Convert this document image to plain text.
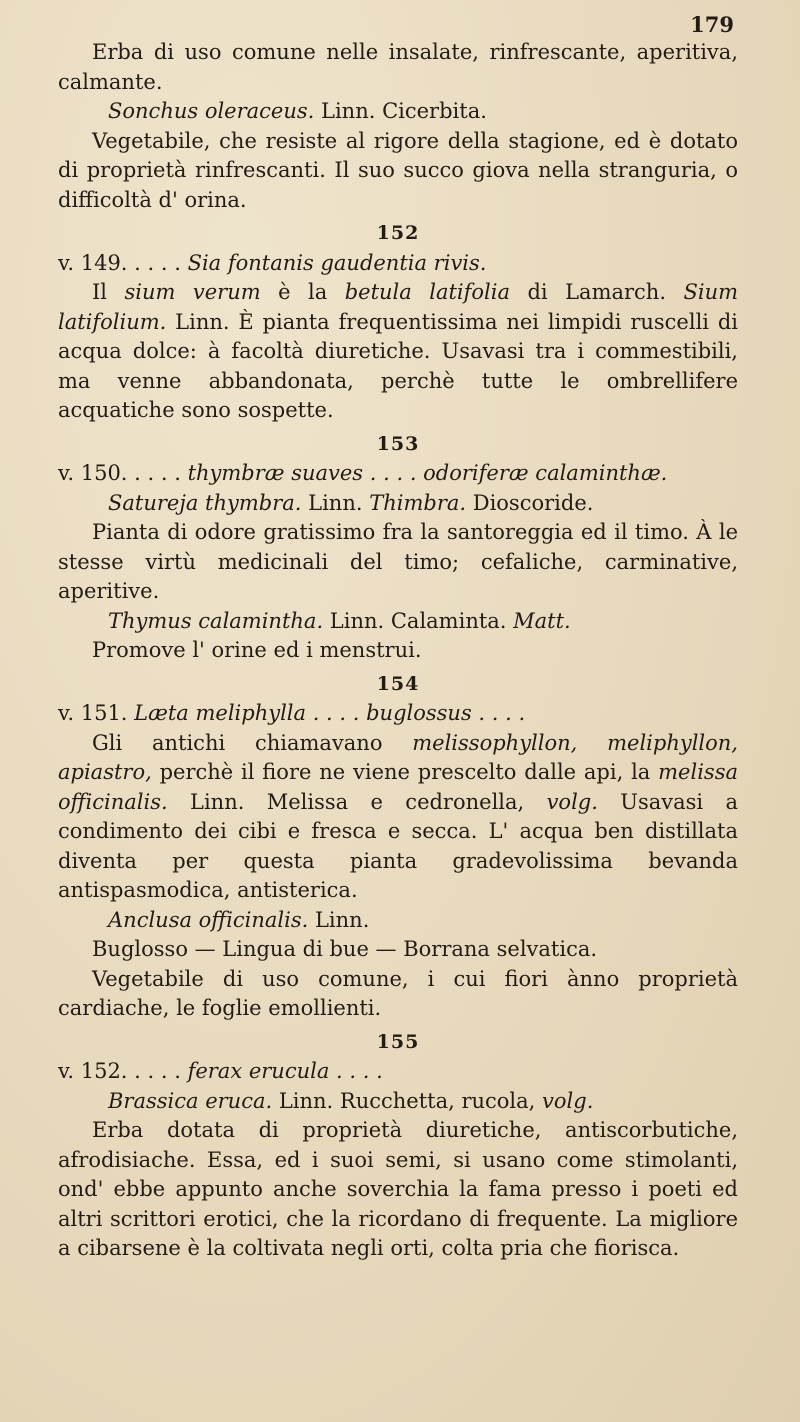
179

Erba di uso comune nelle insalate, rinfrescante, aperitiva, calmante.

Sonchus oleraceus. Linn. Cicerbita.

Vegetabile, che resiste al rigore della stagione, ed è dotato di proprietà rinfrescanti. Il suo succo giova nella stranguria, o difficoltà d' orina.

152

v. 149. . . . . Sia fontanis gaudentia rivis.

Il sium verum è la betula latifolia di Lamarch. Sium latifolium. Linn. È pianta frequentissima nei limpidi ruscelli di acqua dolce: à facoltà diuretiche. Usavasi tra i commestibili, ma venne abbandonata, perchè tutte le ombrellifere acquatiche sono sospette.

153

v. 150. . . . . thymbræ suaves . . . . odoriferæ calaminthæ.

Satureja thymbra. Linn. Thimbra. Dioscoride.

Pianta di odore gratissimo fra la santoreggia ed il timo. À le stesse virtù medicinali del timo; cefaliche, carminative, aperitive.

Thymus calamintha. Linn. Calaminta. Matt.

Promove l' orine ed i menstrui.

154

v. 151. Læta meliphylla . . . . buglossus . . . .

Gli antichi chiamavano melissophyllon, meliphyllon, apiastro, perchè il fiore ne viene prescelto dalle api, la melissa officinalis. Linn. Melissa e cedronella, volg. Usavasi a condimento dei cibi e fresca e secca. L' acqua ben distillata diventa per questa pianta gradevolissima bevanda antispasmodica, antisterica.

Anclusa officinalis. Linn.

Buglosso — Lingua di bue — Borrana selvatica.

Vegetabile di uso comune, i cui fiori ànno proprietà cardiache, le foglie emollienti.

155

v. 152. . . . . ferax erucula . . . .

Brassica eruca. Linn. Rucchetta, rucola, volg.

Erba dotata di proprietà diuretiche, antiscorbutiche, afrodisiache. Essa, ed i suoi semi, si usano come stimolanti, ond' ebbe appunto anche soverchia la fama presso i poeti ed altri scrittori erotici, che la ricordano di frequente. La migliore a cibarsene è la coltivata negli orti, colta pria che fiorisca.
